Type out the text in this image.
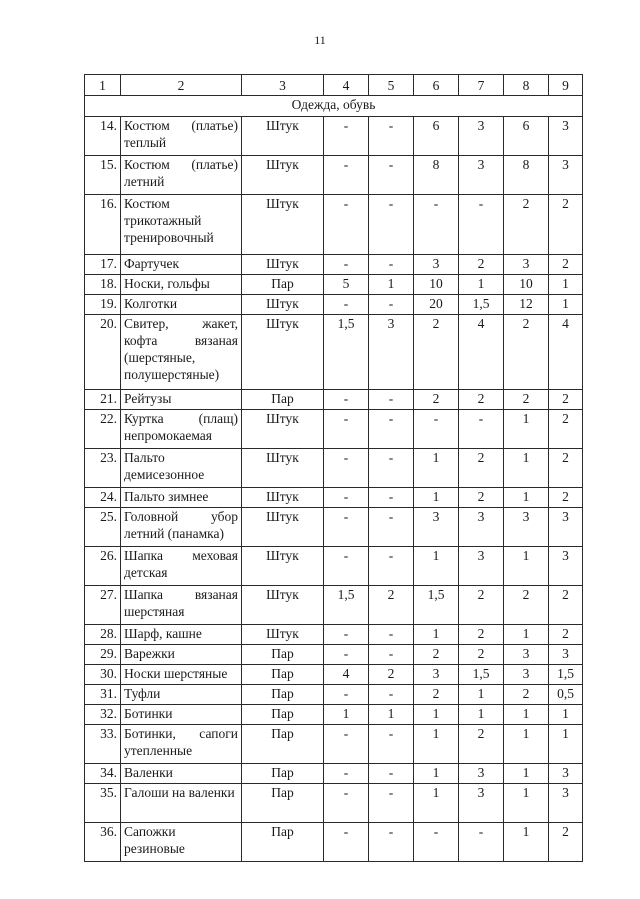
11
1	2	3	4	5	6	7	8	9
Одежда, обувь								
14.	Костюм (платье) теплый	Штук	-	-	6	3	6	3
15.	Костюм (платье) летний	Штук	-	-	8	3	8	3
16.	Костюм трикотажный тренировочный	Штук	-	-	-	-	2	2
17.	Фартучек	Штук	-	-	3	2	3	2
18.	Носки, гольфы	Пар	5	1	10	1	10	1
19.	Колготки	Штук	-	-	20	1,5	12	1
20.	Свитер, жакет, кофта вязаная (шерстяные, полушерстяные)	Штук	1,5	3	2	4	2	4
21.	Рейтузы	Пар	-	-	2	2	2	2
22.	Куртка (плащ) непромокаемая	Штук	-	-	-	-	1	2
23.	Пальто демисезонное	Штук	-	-	1	2	1	2
24.	Пальто зимнее	Штук	-	-	1	2	1	2
25.	Головной убор летний (панамка)	Штук	-	-	3	3	3	3
26.	Шапка меховая детская	Штук	-	-	1	3	1	3
27.	Шапка вязаная шерстяная	Штук	1,5	2	1,5	2	2	2
28.	Шарф, кашне	Штук	-	-	1	2	1	2
29.	Варежки	Пар	-	-	2	2	3	3
30.	Носки шерстяные	Пар	4	2	3	1,5	3	1,5
31.	Туфли	Пар	-	-	2	1	2	0,5
32.	Ботинки	Пар	1	1	1	1	1	1
33.	Ботинки, сапоги утепленные	Пар	-	-	1	2	1	1
34.	Валенки	Пар	-	-	1	3	1	3
35.	Галоши на валенки	Пар	-	-	1	3	1	3
36.	Сапожки резиновые	Пар	-	-	-	-	1	2
